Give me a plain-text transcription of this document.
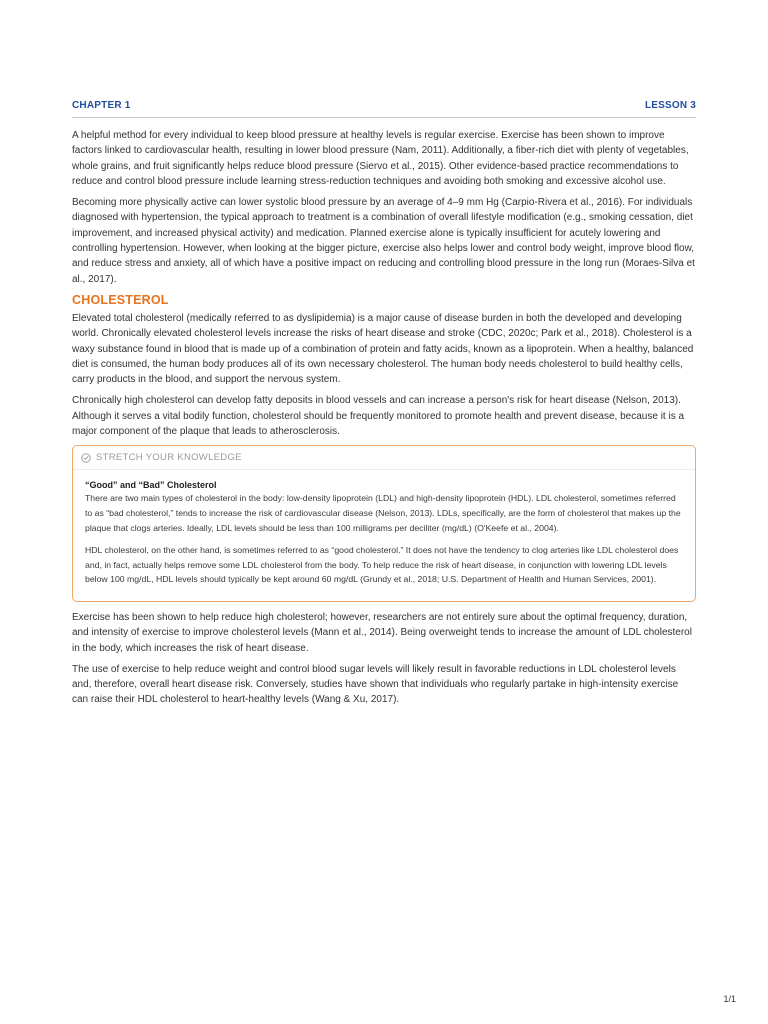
CHAPTER 1	LESSON 3

A helpful method for every individual to keep blood pressure at healthy levels is regular exercise. Exercise has been shown to improve factors linked to cardiovascular health, resulting in lower blood pressure (Nam, 2011). Additionally, a fiber-rich diet with plenty of vegetables, whole grains, and fruit significantly helps reduce blood pressure (Siervo et al., 2015). Other evidence-based practice recommendations to reduce and control blood pressure include learning stress-reduction techniques and avoiding both smoking and excessive alcohol use.

Becoming more physically active can lower systolic blood pressure by an average of 4–9 mm Hg (Carpio-Rivera et al., 2016). For individuals diagnosed with hypertension, the typical approach to treatment is a combination of overall lifestyle modification (e.g., smoking cessation, diet improvement, and increased physical activity) and medication. Planned exercise alone is typically insufficient for acutely lowering and controlling hypertension. However, when looking at the bigger picture, exercise also helps lower and control body weight, improve blood flow, and reduce stress and anxiety, all of which have a positive impact on reducing and controlling blood pressure in the long run (Moraes-Silva et al., 2017).

CHOLESTEROL

Elevated total cholesterol (medically referred to as dyslipidemia) is a major cause of disease burden in both the developed and developing world. Chronically elevated cholesterol levels increase the risks of heart disease and stroke (CDC, 2020c; Park et al., 2018). Cholesterol is a waxy substance found in blood that is made up of a combination of protein and fatty acids, known as a lipoprotein. When a healthy, balanced diet is consumed, the human body produces all of its own necessary cholesterol. The human body needs cholesterol to build healthy cells, carry products in the blood, and support the nervous system.

Chronically high cholesterol can develop fatty deposits in blood vessels and can increase a person's risk for heart disease (Nelson, 2013). Although it serves a vital bodily function, cholesterol should be frequently monitored to promote health and prevent disease, because it is a major component of the plaque that leads to atherosclerosis.

STRETCH YOUR KNOWLEDGE
“Good” and “Bad” Cholesterol

There are two main types of cholesterol in the body: low-density lipoprotein (LDL) and high-density lipoprotein (HDL). LDL cholesterol, sometimes referred to as “bad cholesterol,” tends to increase the risk of cardiovascular disease (Nelson, 2013). LDLs, specifically, are the form of cholesterol that makes up the plaque that clogs arteries. Ideally, LDL levels should be less than 100 milligrams per deciliter (mg/dL) (O'Keefe et al., 2004).

HDL cholesterol, on the other hand, is sometimes referred to as “good cholesterol.” It does not have the tendency to clog arteries like LDL cholesterol does and, in fact, actually helps remove some LDL cholesterol from the body. To help reduce the risk of heart disease, in conjunction with lowering LDL levels below 100 mg/dL, HDL levels should typically be kept around 60 mg/dL (Grundy et al., 2018; U.S. Department of Health and Human Services, 2001).

Exercise has been shown to help reduce high cholesterol; however, researchers are not entirely sure about the optimal frequency, duration, and intensity of exercise to improve cholesterol levels (Mann et al., 2014). Being overweight tends to increase the amount of LDL cholesterol in the body, which increases the risk of heart disease.

The use of exercise to help reduce weight and control blood sugar levels will likely result in favorable reductions in LDL cholesterol levels and, therefore, overall heart disease risk. Conversely, studies have shown that individuals who regularly partake in high-intensity exercise can raise their HDL cholesterol to heart-healthy levels (Wang & Xu, 2017).

1/1
